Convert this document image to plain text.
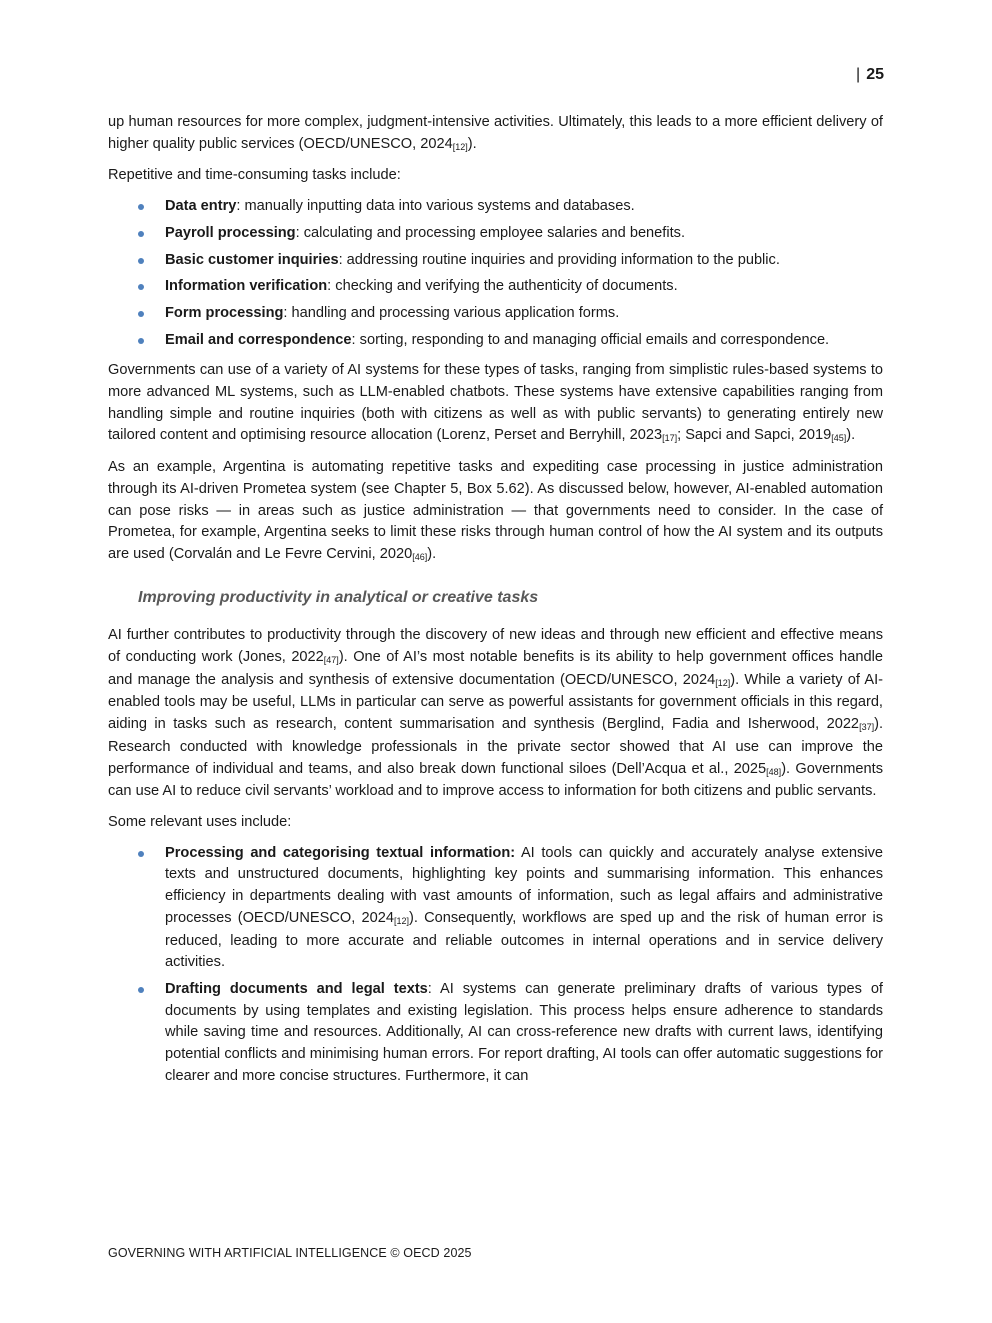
| 25

up human resources for more complex, judgment-intensive activities. Ultimately, this leads to a more efficient delivery of higher quality public services (OECD/UNESCO, $2024_{[12]}$).

Repetitive and time-consuming tasks include:

Data entry: manually inputting data into various systems and databases.
Payroll processing: calculating and processing employee salaries and benefits.
Basic customer inquiries: addressing routine inquiries and providing information to the public.
Information verification: checking and verifying the authenticity of documents.
Form processing: handling and processing various application forms.
Email and correspondence: sorting, responding to and managing official emails and correspondence.

Governments can use of a variety of AI systems for these types of tasks, ranging from simplistic rules-based systems to more advanced ML systems, such as LLM-enabled chatbots. These systems have extensive capabilities ranging from handling simple and routine inquiries (both with citizens as well as with public servants) to generating entirely new tailored content and optimising resource allocation (Lorenz, Perset and Berryhill, $2023_{[17]}$; Sapci and Sapci, $2019_{[45]}$).

As an example, Argentina is automating repetitive tasks and expediting case processing in justice administration through its AI-driven Prometea system (see Chapter 5, Box 5.62). As discussed below, however, AI-enabled automation can pose risks — in areas such as justice administration — that governments need to consider. In the case of Prometea, for example, Argentina seeks to limit these risks through human control of how the AI system and its outputs are used (Corvalán and Le Fevre Cervini, $2020_{[46]}$).

Improving productivity in analytical or creative tasks

AI further contributes to productivity through the discovery of new ideas and through new efficient and effective means of conducting work (Jones, $2022_{[47]}$). One of AI’s most notable benefits is its ability to help government offices handle and manage the analysis and synthesis of extensive documentation (OECD/UNESCO, $2024_{[12]}$). While a variety of AI-enabled tools may be useful, LLMs in particular can serve as powerful assistants for government officials in this regard, aiding in tasks such as research, content summarisation and synthesis (Berglind, Fadia and Isherwood, $2022_{[37]}$). Research conducted with knowledge professionals in the private sector showed that AI use can improve the performance of individual and teams, and also break down functional siloes (Dell’Acqua et al., $2025_{[48]}$). Governments can use AI to reduce civil servants’ workload and to improve access to information for both citizens and public servants.

Some relevant uses include:

Processing and categorising textual information: AI tools can quickly and accurately analyse extensive texts and unstructured documents, highlighting key points and summarising information. This enhances efficiency in departments dealing with vast amounts of information, such as legal affairs and administrative processes (OECD/UNESCO, $2024_{[12]}$). Consequently, workflows are sped up and the risk of human error is reduced, leading to more accurate and reliable outcomes in internal operations and in service delivery activities.
Drafting documents and legal texts: AI systems can generate preliminary drafts of various types of documents by using templates and existing legislation. This process helps ensure adherence to standards while saving time and resources. Additionally, AI can cross-reference new drafts with current laws, identifying potential conflicts and minimising human errors. For report drafting, AI tools can offer automatic suggestions for clearer and more concise structures. Furthermore, it can
GOVERNING WITH ARTIFICIAL INTELLIGENCE © OECD 2025
